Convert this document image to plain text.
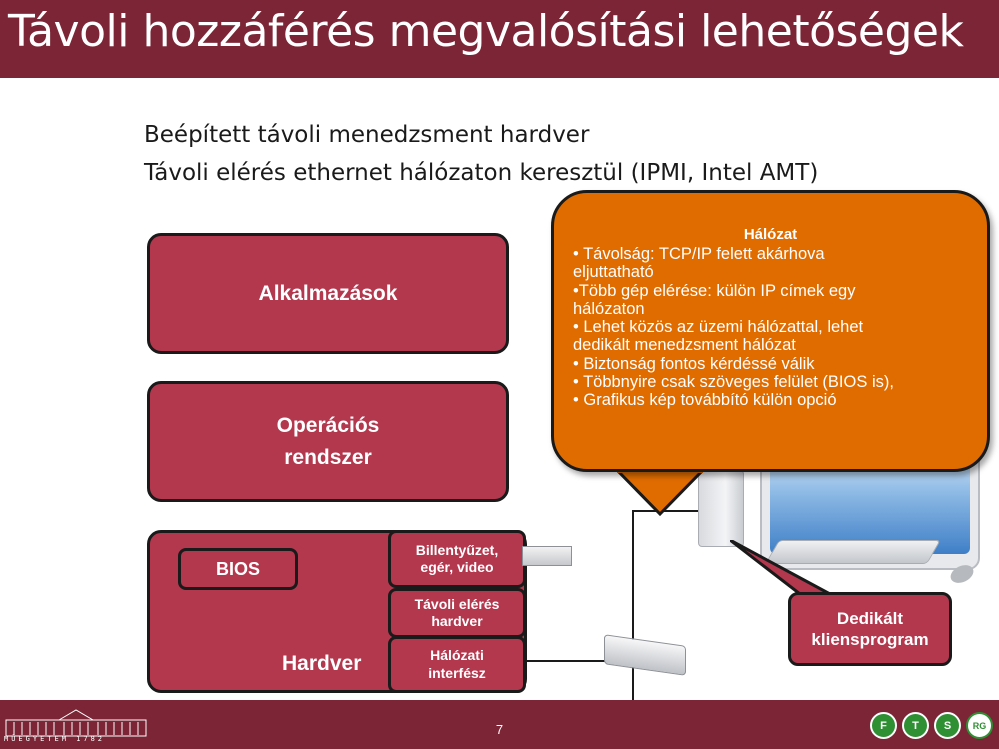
Távoli hozzáférés megvalósítási lehetőségek
Beépített távoli menedzsment hardver
Távoli elérés ethernet hálózaton keresztül (IPMI, Intel AMT)
Alkalmazások
Operációs
rendszer
BIOS
Hardver
Billentyűzet,
egér, video
Távoli elérés
hardver
Hálózati
interfész
Hálózat
• Távolság: TCP/IP felett akárhova
eljuttatható
•Több gép elérése: külön IP címek egy
hálózaton
• Lehet közös az üzemi hálózattal, lehet
dedikált menedzsment hálózat
• Biztonság fontos kérdéssé válik
• Többnyire csak szöveges felület (BIOS is),
• Grafikus kép továbbító külön opció
Dedikált
kliensprogram
MŰEGYETEM 1782
7	F	T	S	RG
